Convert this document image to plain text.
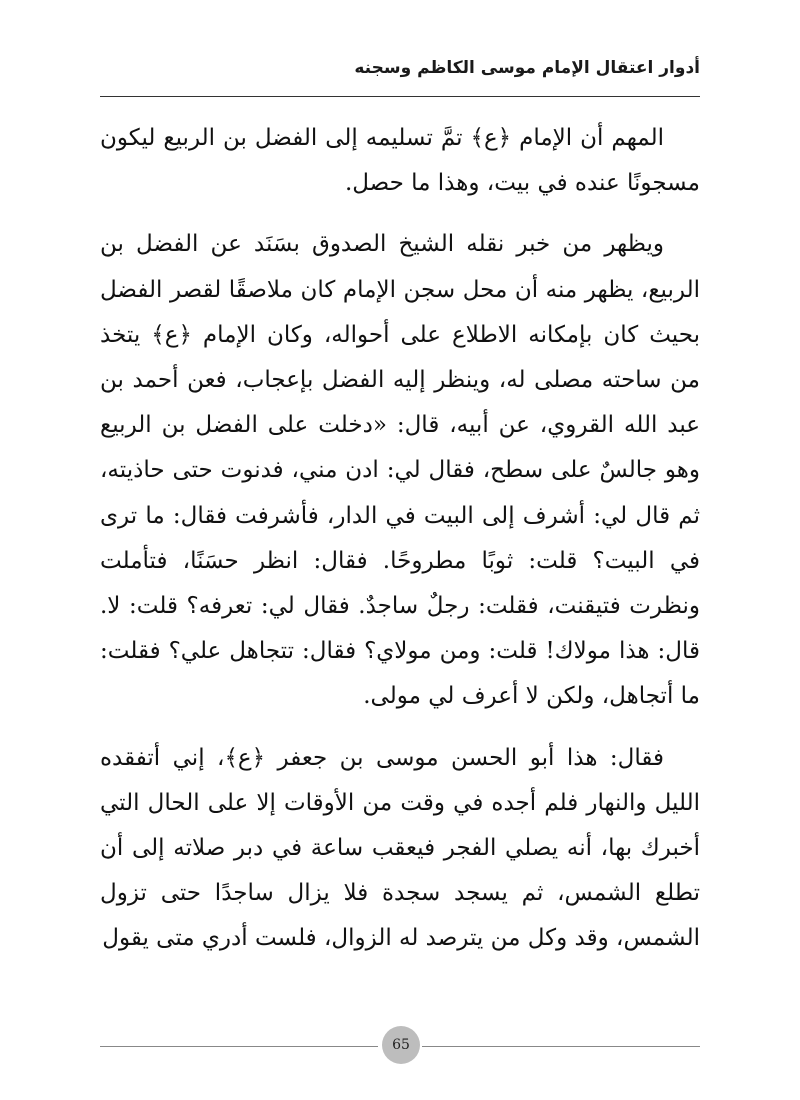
أدوار اعتقال الإمام موسى الكاظم وسجنه

المهم أن الإمام ﴿ع﴾ تمَّ تسليمه إلى الفضل بن الربيع ليكون مسجونًا عنده في بيت، وهذا ما حصل.

ويظهر من خبر نقله الشيخ الصدوق بسَنَد عن الفضل بن الربيع، يظهر منه أن محل سجن الإمام كان ملاصقًا لقصر الفضل بحيث كان بإمكانه الاطلاع على أحواله، وكان الإمام ﴿ع﴾ يتخذ من ساحته مصلى له، وينظر إليه الفضل بإعجاب، فعن أحمد بن عبد الله القروي، عن أبيه، قال: «دخلت على الفضل بن الربيع وهو جالسٌ على سطح، فقال لي: ادن مني، فدنوت حتى حاذيته، ثم قال لي: أشرف إلى البيت في الدار، فأشرفت فقال: ما ترى في البيت؟ قلت: ثوبًا مطروحًا. فقال: انظر حسَنًا، فتأملت ونظرت فتيقنت، فقلت: رجلٌ ساجدٌ. فقال لي: تعرفه؟ قلت: لا. قال: هذا مولاك! قلت: ومن مولاي؟ فقال: تتجاهل علي؟ فقلت: ما أتجاهل، ولكن لا أعرف لي مولى.

فقال: هذا أبو الحسن موسى بن جعفر ﴿ع﴾، إني أتفقده الليل والنهار فلم أجده في وقت من الأوقات إلا على الحال التي أخبرك بها، أنه يصلي الفجر فيعقب ساعة في دبر صلاته إلى أن تطلع الشمس، ثم يسجد سجدة فلا يزال ساجدًا حتى تزول الشمس، وقد وكل من يترصد له الزوال، فلست أدري متى يقول

65
